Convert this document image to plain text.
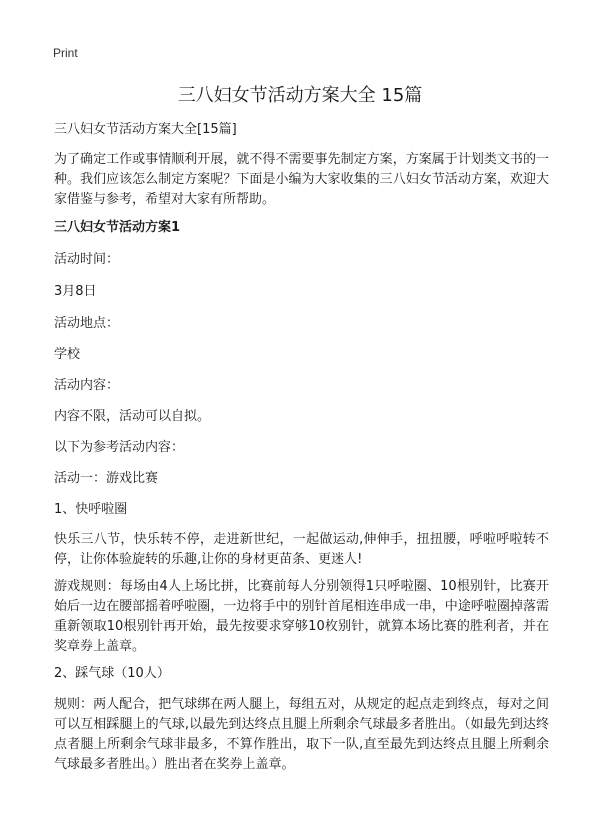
Print
三八妇女节活动方案大全 15篇

三八妇女节活动方案大全[15篇]

为了确定工作或事情顺利开展，就不得不需要事先制定方案，方案属于计划类文书的一种。我们应该怎么制定方案呢？下面是小编为大家收集的三八妇女节活动方案，欢迎大家借鉴与参考，希望对大家有所帮助。

三八妇女节活动方案1

活动时间：

3月8日

活动地点：

学校

活动内容：

内容不限，活动可以自拟。

以下为参考活动内容：

活动一：游戏比赛

1、快呼啦圈

快乐三八节，快乐转不停，走进新世纪，一起做运动,伸伸手，扭扭腰，呼啦呼啦转不停，让你体验旋转的乐趣,让你的身材更苗条、更迷人!

游戏规则：每场由4人上场比拼，比赛前每人分别领得1只呼啦圈、10根别针，比赛开始后一边在腰部摇着呼啦圈，一边将手中的别针首尾相连串成一串，中途呼啦圈掉落需重新领取10根别针再开始，最先按要求穿够10枚别针，就算本场比赛的胜利者，并在奖章券上盖章。

2、踩气球（10人）

规则：两人配合，把气球绑在两人腿上，每组五对，从规定的起点走到终点，每对之间可以互相踩腿上的气球,以最先到达终点且腿上所剩余气球最多者胜出。（如最先到达终点者腿上所剩余气球非最多，不算作胜出，取下一队,直至最先到达终点且腿上所剩余气球最多者胜出。）胜出者在奖券上盖章。
